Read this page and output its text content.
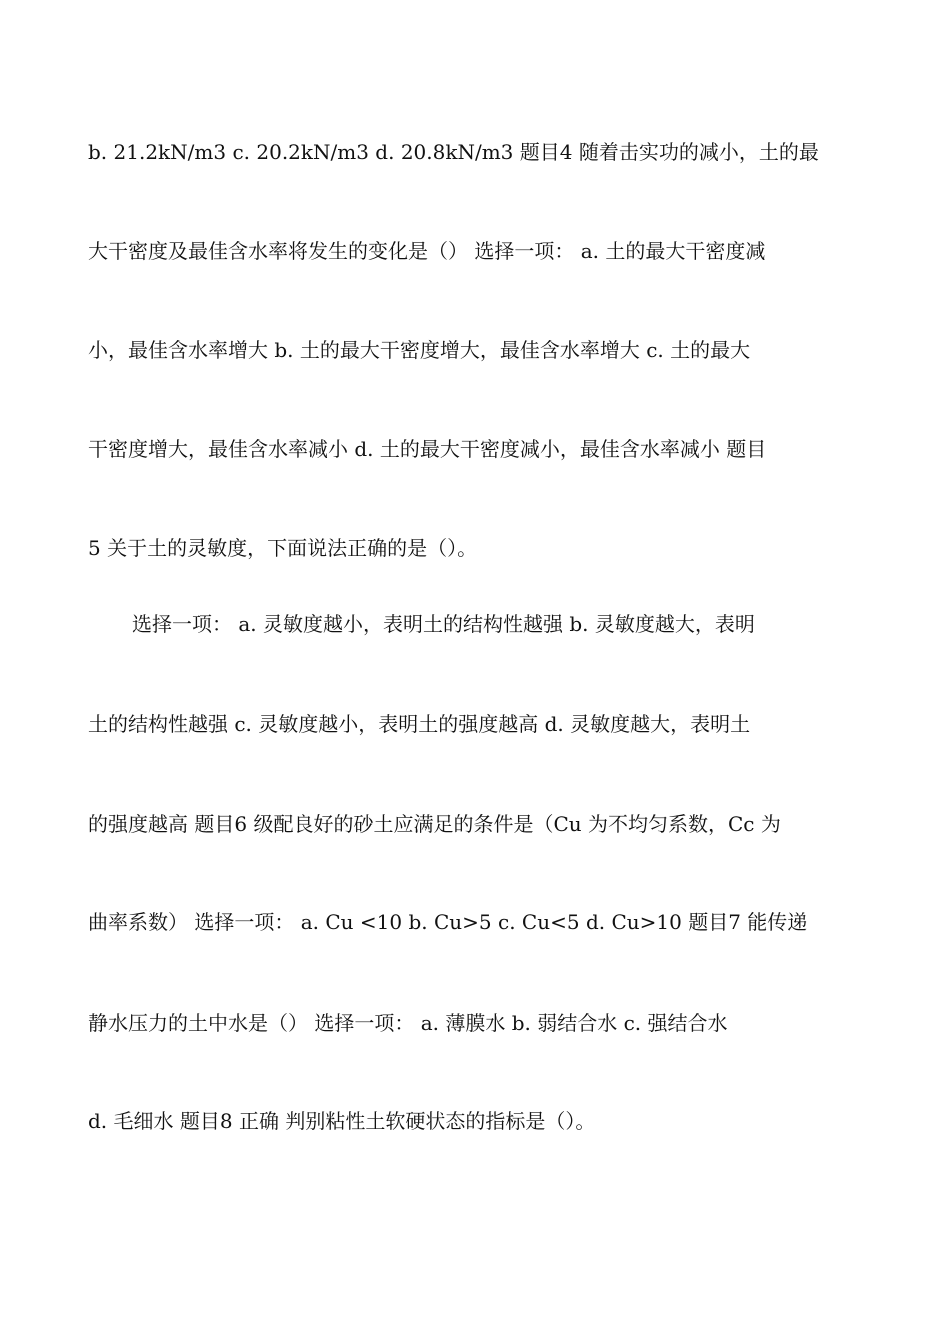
b. 21.2kN/m3 c. 20.2kN/m3 d. 20.8kN/m3 题目4 随着击实功的减小，土的最
大干密度及最佳含水率将发生的变化是（） 选择一项： a. 土的最大干密度减
小，最佳含水率增大 b. 土的最大干密度增大，最佳含水率增大 c. 土的最大
干密度增大，最佳含水率减小 d. 土的最大干密度减小，最佳含水率减小 题目
5 关于土的灵敏度，下面说法正确的是（）。
选择一项： a. 灵敏度越小，表明土的结构性越强 b. 灵敏度越大，表明
土的结构性越强 c. 灵敏度越小，表明土的强度越高 d. 灵敏度越大，表明土
的强度越高 题目6 级配良好的砂土应满足的条件是（Cu 为不均匀系数，Cc 为
曲率系数） 选择一项： a. Cu <10 b. Cu>5 c. Cu<5 d. Cu>10 题目7 能传递
静水压力的土中水是（） 选择一项： a. 薄膜水 b. 弱结合水 c. 强结合水
d. 毛细水 题目8 正确 判别粘性土软硬状态的指标是（）。
